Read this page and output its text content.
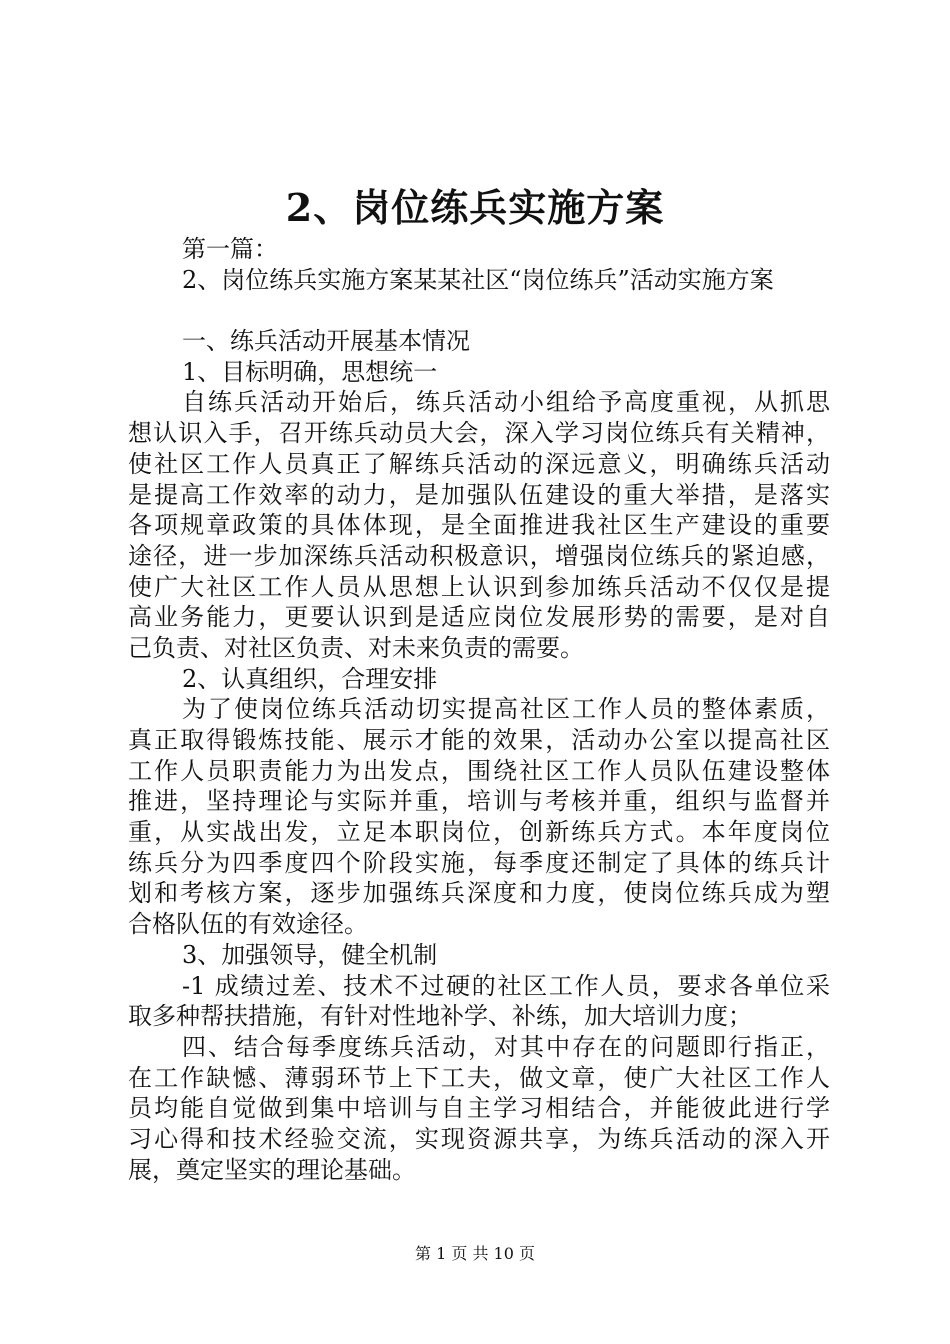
2、岗位练兵实施方案
第一篇：
2、岗位练兵实施方案某某社区“岗位练兵”活动实施方案
一、练兵活动开展基本情况
1、目标明确，思想统一
自练兵活动开始后，练兵活动小组给予高度重视，从抓思
想认识入手，召开练兵动员大会，深入学习岗位练兵有关精神，
使社区工作人员真正了解练兵活动的深远意义，明确练兵活动
是提高工作效率的动力，是加强队伍建设的重大举措，是落实
各项规章政策的具体体现，是全面推进我社区生产建设的重要
途径，进一步加深练兵活动积极意识，增强岗位练兵的紧迫感，
使广大社区工作人员从思想上认识到参加练兵活动不仅仅是提
高业务能力，更要认识到是适应岗位发展形势的需要，是对自
己负责、对社区负责、对未来负责的需要。
2、认真组织，合理安排
为了使岗位练兵活动切实提高社区工作人员的整体素质，
真正取得锻炼技能、展示才能的效果，活动办公室以提高社区
工作人员职责能力为出发点，围绕社区工作人员队伍建设整体
推进，坚持理论与实际并重，培训与考核并重，组织与监督并
重，从实战出发，立足本职岗位，创新练兵方式。本年度岗位
练兵分为四季度四个阶段实施，每季度还制定了具体的练兵计
划和考核方案，逐步加强练兵深度和力度，使岗位练兵成为塑
合格队伍的有效途径。
3、加强领导，健全机制
-1 成绩过差、技术不过硬的社区工作人员，要求各单位采
取多种帮扶措施，有针对性地补学、补练，加大培训力度；
四、结合每季度练兵活动，对其中存在的问题即行指正，
在工作缺憾、薄弱环节上下工夫，做文章，使广大社区工作人
员均能自觉做到集中培训与自主学习相结合，并能彼此进行学
习心得和技术经验交流，实现资源共享，为练兵活动的深入开
展，奠定坚实的理论基础。
第 1 页 共 10 页
